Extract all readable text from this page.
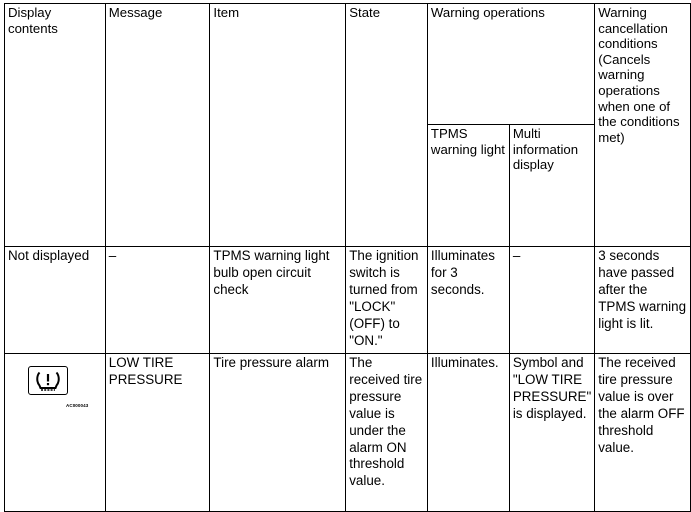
Display contents	Message	Item	State	Warning operations		Warning cancellation conditions (Cancels warning operations when one of the conditions met)
				TPMS warning light	Multi information display	
Not displayed	–	TPMS warning light bulb open circuit check	The ignition switch is turned from "LOCK" (OFF) to "ON."	Illuminates for 3 seconds.	–	3 seconds have passed after the TPMS warning light is lit.

AC000043	LOW TIRE PRESSURE	Tire pressure alarm	The received tire pressure value is under the alarm ON threshold value.	Illuminates.	Symbol and "LOW TIRE PRESSURE" is displayed.	The received tire pressure value is over the alarm OFF threshold value.
